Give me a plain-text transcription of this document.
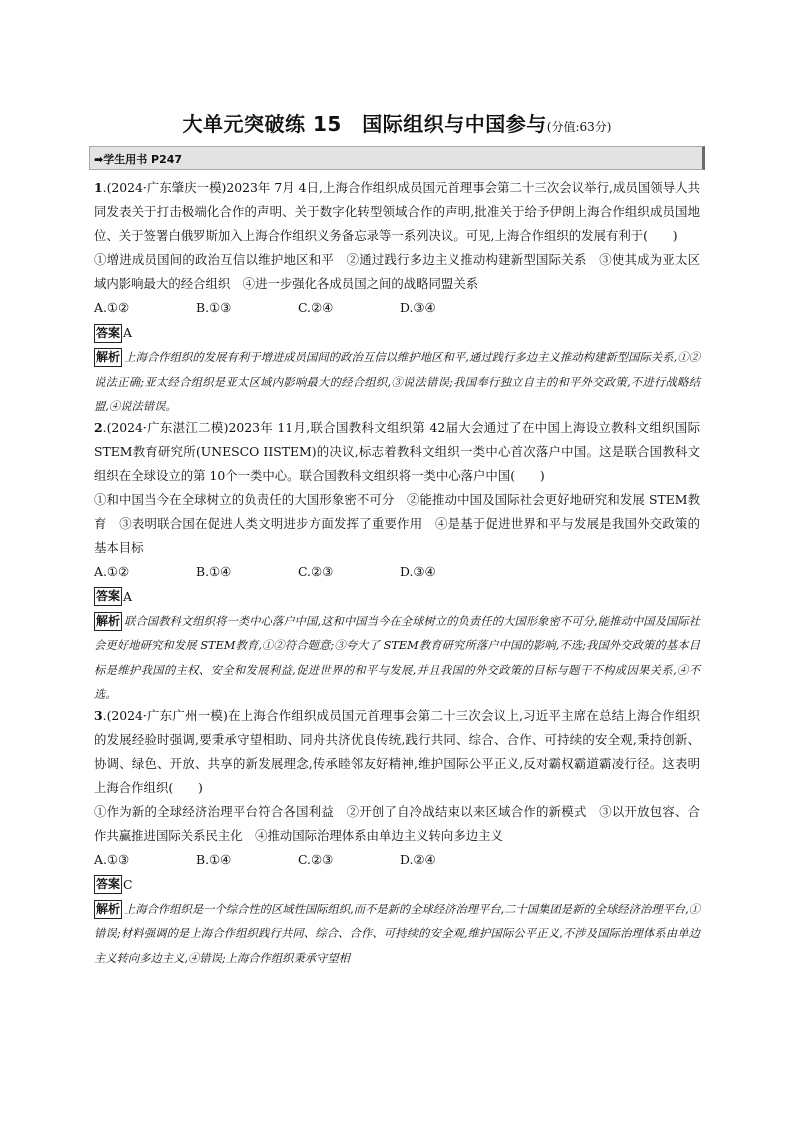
大单元突破练 15　国际组织与中国参与(分值:63分)
➡学生用书 P247
1.(2024·广东肇庆一模)2023年 7月 4日,上海合作组织成员国元首理事会第二十三次会议举行,成员国领导人共同发表关于打击极端化合作的声明、关于数字化转型领域合作的声明,批准关于给予伊朗上海合作组织成员国地位、关于签署白俄罗斯加入上海合作组织义务备忘录等一系列决议。可见,上海合作组织的发展有利于(　　)
①增进成员国间的政治互信以维护地区和平　②通过践行多边主义推动构建新型国际关系　③使其成为亚太区域内影响最大的经合组织　④进一步强化各成员国之间的战略同盟关系
A.①②	B.①③	C.②④	D.③④
答案 A
解析 上海合作组织的发展有利于增进成员国间的政治互信以维护地区和平,通过践行多边主义推动构建新型国际关系,①②说法正确;亚太经合组织是亚太区域内影响最大的经合组织,③说法错误;我国奉行独立自主的和平外交政策,不进行战略结盟,④说法错误。
2.(2024·广东湛江二模)2023年 11月,联合国教科文组织第 42届大会通过了在中国上海设立教科文组织国际 STEM教育研究所(UNESCO IISTEM)的决议,标志着教科文组织一类中心首次落户中国。这是联合国教科文组织在全球设立的第 10个一类中心。联合国教科文组织将一类中心落户中国(　　)
①和中国当今在全球树立的负责任的大国形象密不可分　②能推动中国及国际社会更好地研究和发展 STEM教育　③表明联合国在促进人类文明进步方面发挥了重要作用　④是基于促进世界和平与发展是我国外交政策的基本目标
A.①②	B.①④	C.②③	D.③④
答案 A
解析 联合国教科文组织将一类中心落户中国,这和中国当今在全球树立的负责任的大国形象密不可分,能推动中国及国际社会更好地研究和发展 STEM教育,①②符合题意;③夸大了 STEM教育研究所落户中国的影响,不选;我国外交政策的基本目标是维护我国的主权、安全和发展利益,促进世界的和平与发展,并且我国的外交政策的目标与题干不构成因果关系,④不选。
3.(2024·广东广州一模)在上海合作组织成员国元首理事会第二十三次会议上,习近平主席在总结上海合作组织的发展经验时强调,要秉承守望相助、同舟共济优良传统,践行共同、综合、合作、可持续的安全观,秉持创新、协调、绿色、开放、共享的新发展理念,传承睦邻友好精神,维护国际公平正义,反对霸权霸道霸凌行径。这表明上海合作组织(　　)
①作为新的全球经济治理平台符合各国利益　②开创了自冷战结束以来区域合作的新模式　③以开放包容、合作共赢推进国际关系民主化　④推动国际治理体系由单边主义转向多边主义
A.①③	B.①④	C.②③	D.②④
答案 C
解析 上海合作组织是一个综合性的区域性国际组织,而不是新的全球经济治理平台,二十国集团是新的全球经济治理平台,①错误;材料强调的是上海合作组织践行共同、综合、合作、可持续的安全观,维护国际公平正义,不涉及国际治理体系由单边主义转向多边主义,④错误;上海合作组织秉承守望相
